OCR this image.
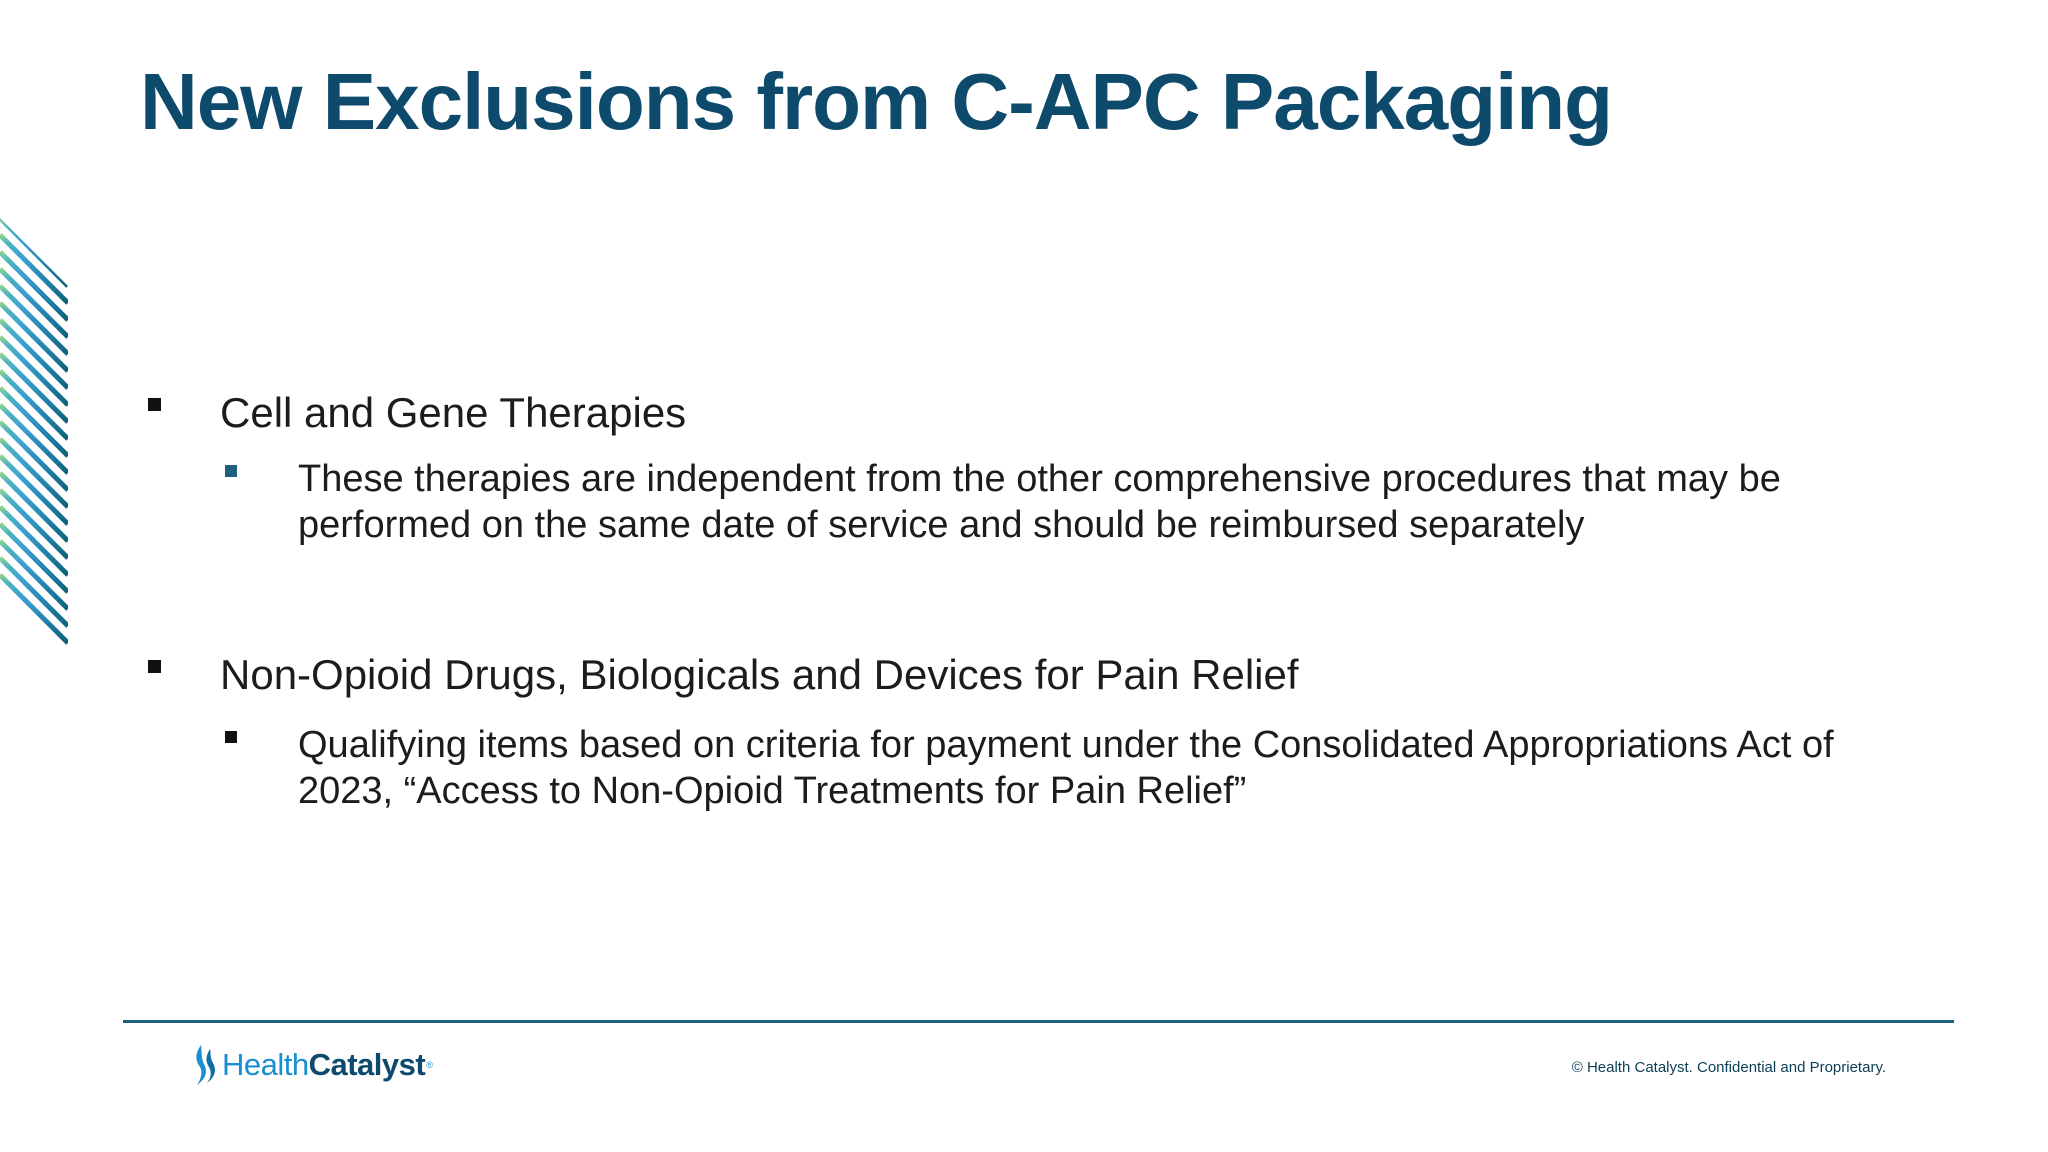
New Exclusions from C-APC Packaging
Cell and Gene Therapies
These therapies are independent from the other comprehensive procedures that may be performed on the same date of service and should be reimbursed separately
Non-Opioid Drugs, Biologicals and Devices for Pain Relief
Qualifying items based on criteria for payment under the Consolidated Appropriations Act of 2023, “Access to Non-Opioid Treatments for Pain Relief”
HealthCatalyst®	© Health Catalyst. Confidential and Proprietary.
